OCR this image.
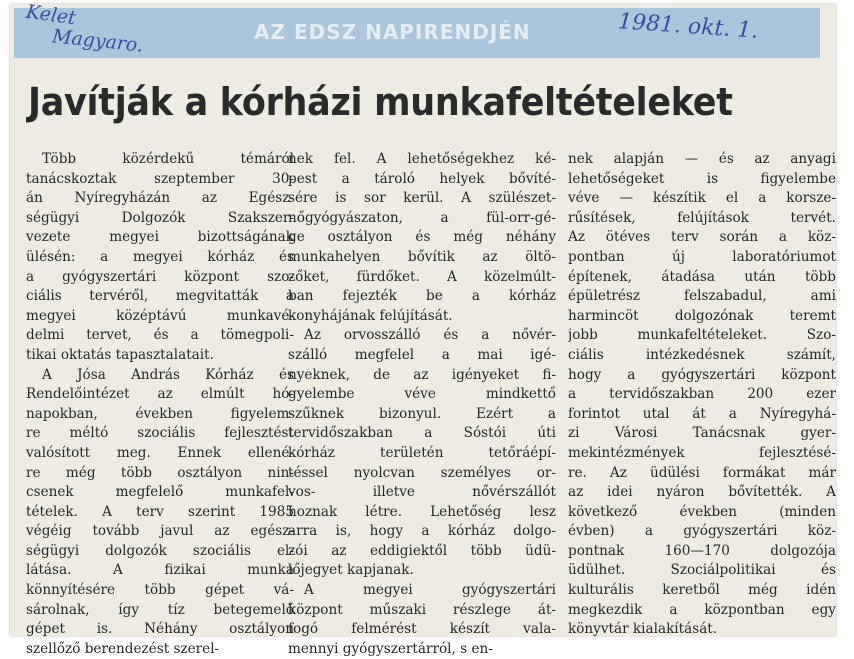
AZ EDSZ NAPIRENDJÉN
Kelet
Magyaro.	1981. okt. 1.
Javítják a kórházi munkafeltételeket
Több közérdekű témáról
tanácskoztak szeptember 30-
án Nyíregyházán az Egész-
ségügyi Dolgozók Szakszer-
vezete megyei bizottságának
ülésén: a megyei kórház és
a gyógyszertári központ szo-
ciális tervéről, megvitatták a
megyei középtávú munkavé-
delmi tervet, és a tömegpoli-
tikai oktatás tapasztalatait.
A Jósa András Kórház és
Rendelőintézet az elmúlt hó-
napokban, években figyelem-
re méltó szociális fejlesztést
valósított meg. Ennek ellené-
re még több osztályon nin-
csenek megfelelő munkafel-
tételek. A terv szerint 1985
végéig tovább javul az egész-
ségügyi dolgozók szociális el-
látása. A fizikai munka
könnyítésére több gépet vá-
sárolnak, így tíz betegemelő
gépet is. Néhány osztályon
szellőző berendezést szerel-
nek fel. A lehetőségekhez ké-
pest a tároló helyek bővíté-
sére is sor kerül. A szülészet-
nőgyógyászaton, a fül-orr-gé-
ge osztályon és még néhány
munkahelyen bővítik az öltö-
zőket, fürdőket. A közelmúlt-
ban fejezték be a kórház
konyhájának felújítását.
Az orvosszálló és a nővér-
szálló megfelel a mai igé-
nyeknek, de az igényeket fi-
gyelembe véve mindkettő
szűknek bizonyul. Ezért a
tervidőszakban a Sóstói úti
kórház területén tetőráépí-
téssel nyolcvan személyes or-
vos- illetve nővérszállót
hoznak létre. Lehetőség lesz
arra is, hogy a kórház dolgo-
zói az eddigiektől több üdü-
lőjegyet kapjanak.
A megyei gyógyszertári
központ műszaki részlege át-
fogó felmérést készít vala-
mennyi gyógyszertárról, s en-
nek alapján — és az anyagi
lehetőségeket is figyelembe
véve — készítik el a korsze-
rűsítések, felújítások tervét.
Az ötéves terv során a köz-
pontban új laboratóriumot
építenek, átadása után több
épületrész felszabadul, ami
harmincöt dolgozónak teremt
jobb munkafeltételeket. Szo-
ciális intézkedésnek számít,
hogy a gyógyszertári központ
a tervidőszakban 200 ezer
forintot utal át a Nyíregyhá-
zi Városi Tanácsnak gyer-
mekintézmények fejlesztésé-
re. Az üdülési formákat már
az idei nyáron bővítették. A
következő években (minden
évben) a gyógyszertári köz-
pontnak 160—170 dolgozója
üdülhet. Szociálpolitikai és
kulturális keretből még idén
megkezdik a központban egy
könyvtár kialakítását.
